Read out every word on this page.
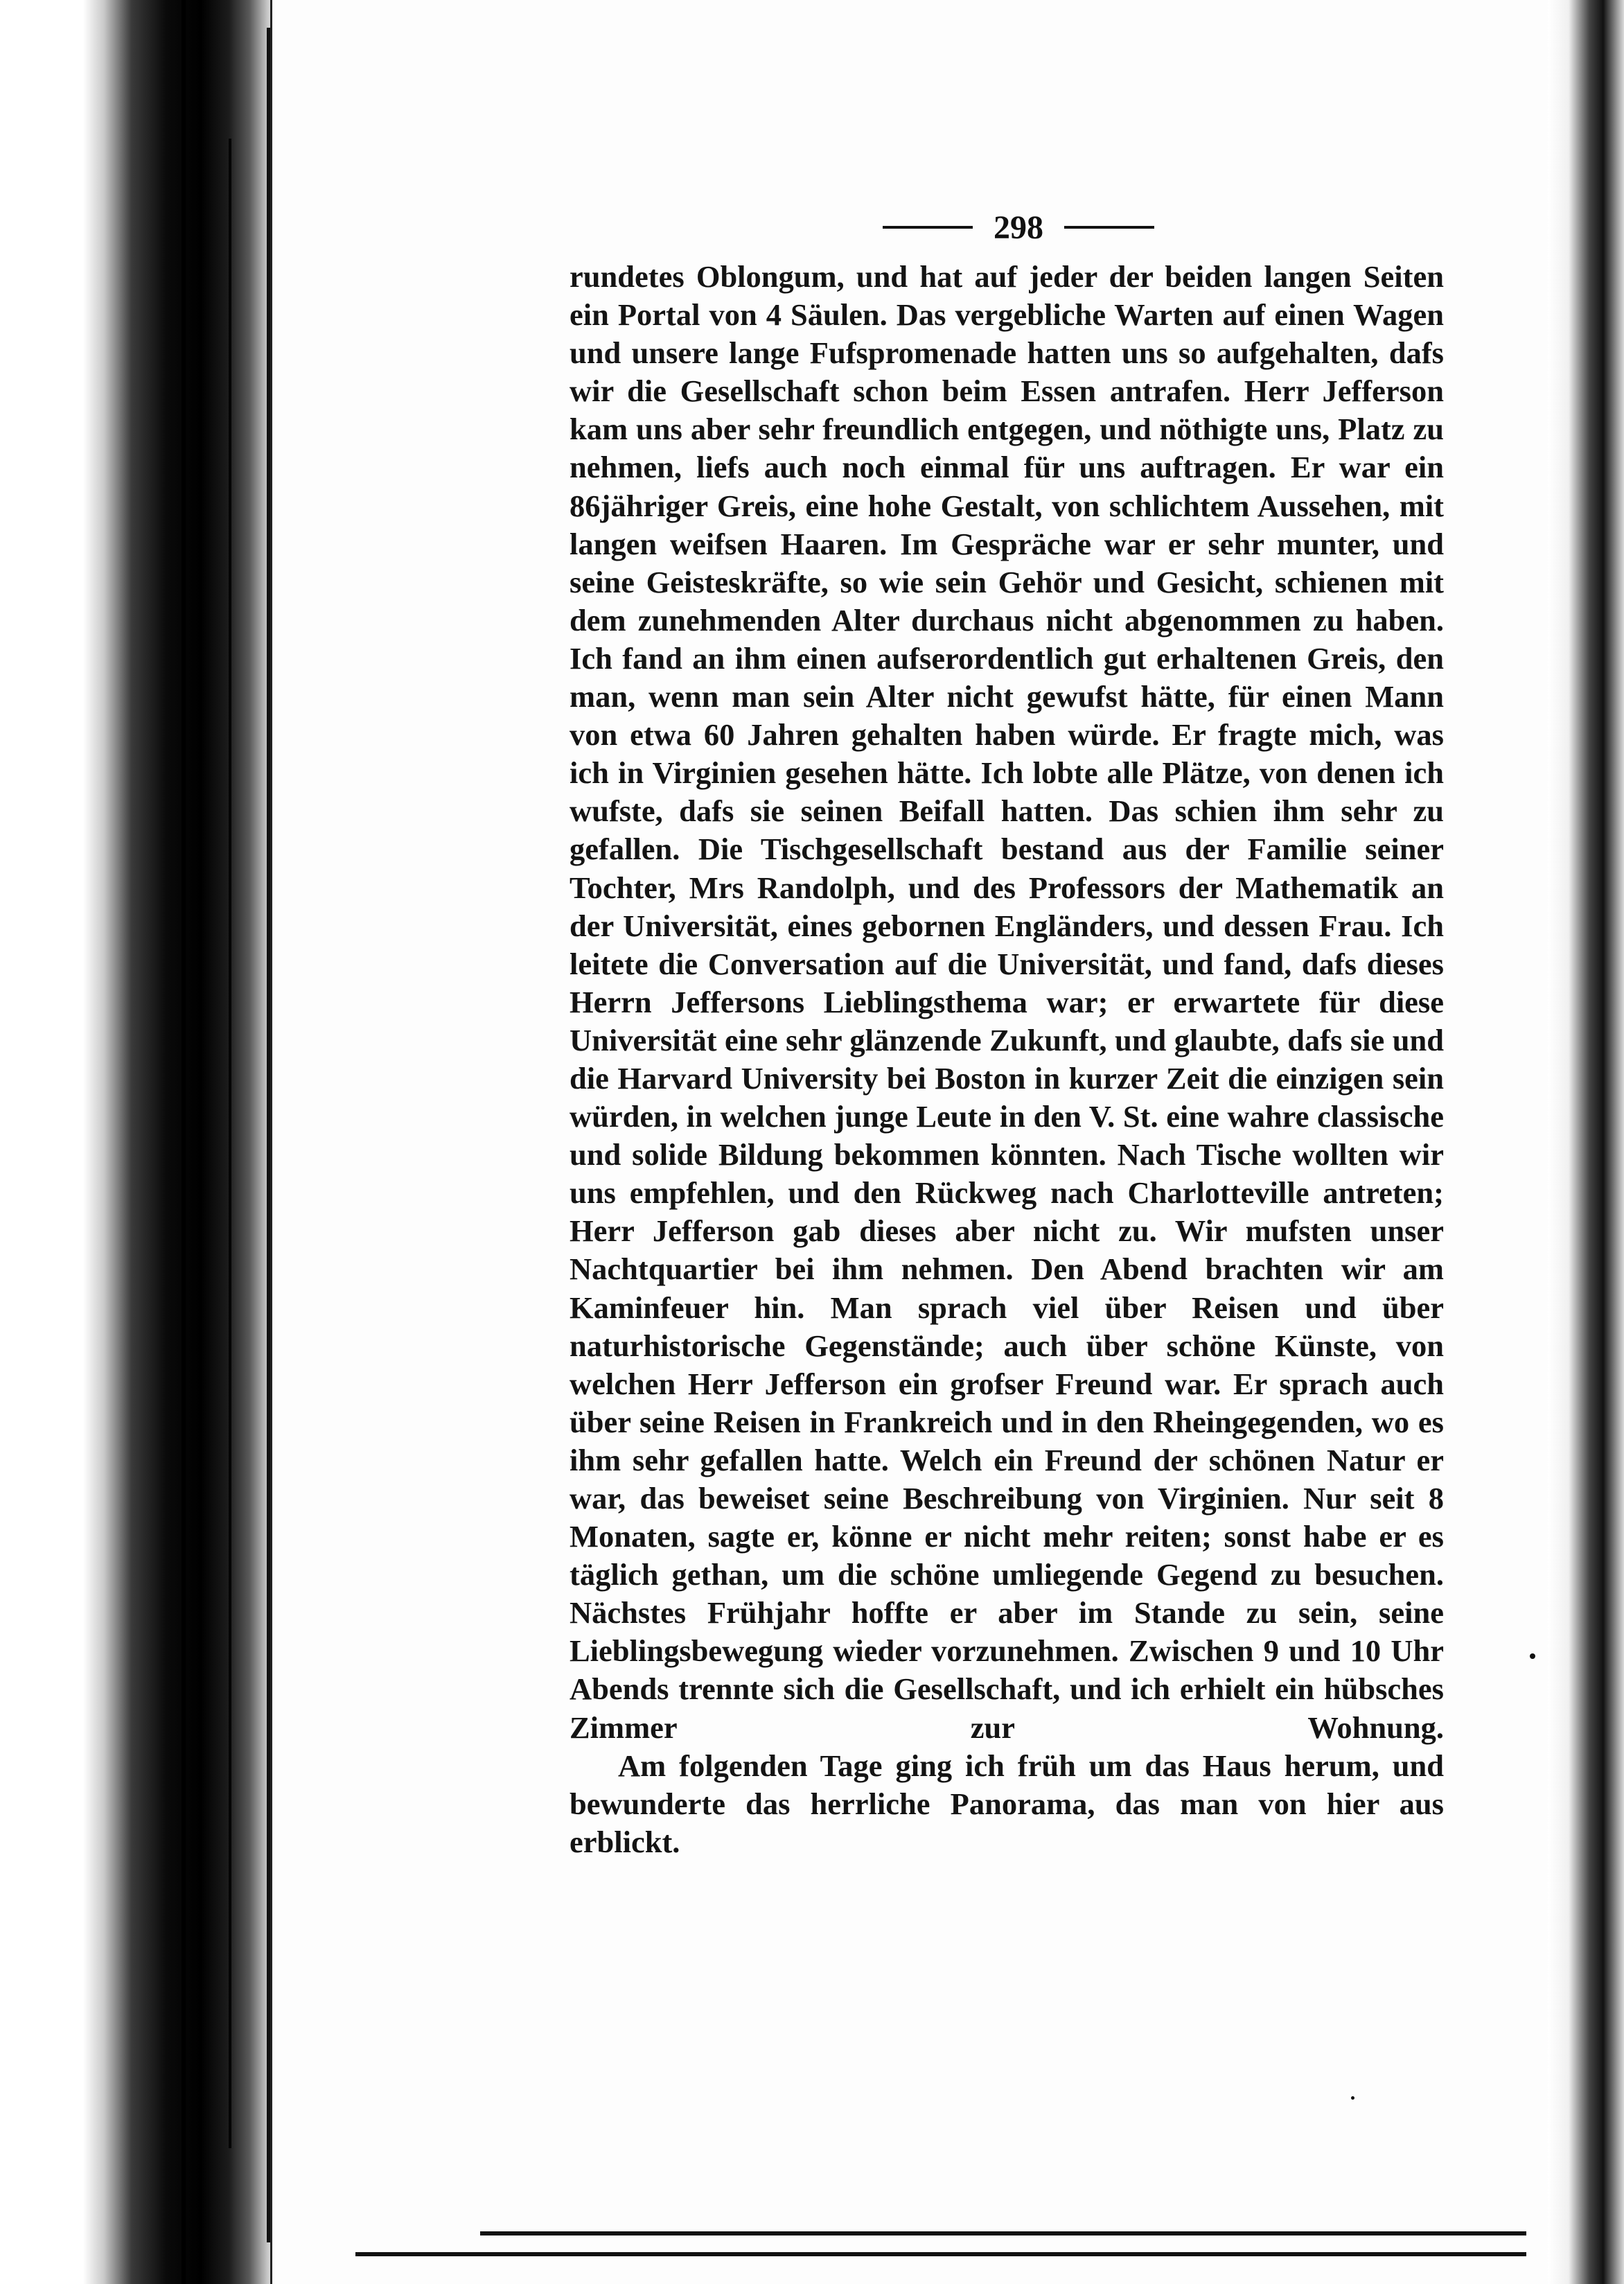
298

rundetes Oblongum, und hat auf jeder der beiden langen Seiten ein Portal von 4 Säulen. Das vergebliche Warten auf einen Wagen und unsere lange Fufspromenade hatten uns so aufgehalten, dafs wir die Gesellschaft schon beim Essen antrafen. Herr Jefferson kam uns aber sehr freundlich entgegen, und nöthigte uns, Platz zu nehmen, liefs auch noch einmal für uns auftragen. Er war ein 86jähriger Greis, eine hohe Gestalt, von schlichtem Aussehen, mit langen weifsen Haaren. Im Gespräche war er sehr munter, und seine Geisteskräfte, so wie sein Gehör und Gesicht, schienen mit dem zunehmenden Alter durchaus nicht abgenommen zu haben. Ich fand an ihm einen aufserordentlich gut erhaltenen Greis, den man, wenn man sein Alter nicht gewufst hätte, für einen Mann von etwa 60 Jahren gehalten haben würde. Er fragte mich, was ich in Virginien gesehen hätte. Ich lobte alle Plätze, von denen ich wufste, dafs sie seinen Beifall hatten. Das schien ihm sehr zu gefallen. Die Tischgesellschaft bestand aus der Familie seiner Tochter, Mrs Randolph, und des Professors der Mathematik an der Universität, eines gebornen Engländers, und dessen Frau. Ich leitete die Conversation auf die Universität, und fand, dafs dieses Herrn Jeffersons Lieblingsthema war; er erwartete für diese Universität eine sehr glänzende Zukunft, und glaubte, dafs sie und die Harvard University bei Boston in kurzer Zeit die einzigen sein würden, in welchen junge Leute in den V. St. eine wahre classische und solide Bildung bekommen könnten. Nach Tische wollten wir uns empfehlen, und den Rückweg nach Charlotteville antreten; Herr Jefferson gab dieses aber nicht zu. Wir mufsten unser Nachtquartier bei ihm nehmen. Den Abend brachten wir am Kaminfeuer hin. Man sprach viel über Reisen und über naturhistorische Gegenstände; auch über schöne Künste, von welchen Herr Jefferson ein grofser Freund war. Er sprach auch über seine Reisen in Frankreich und in den Rheingegenden, wo es ihm sehr gefallen hatte. Welch ein Freund der schönen Natur er war, das beweiset seine Beschreibung von Virginien. Nur seit 8 Monaten, sagte er, könne er nicht mehr reiten; sonst habe er es täglich gethan, um die schöne umliegende Gegend zu besuchen. Nächstes Frühjahr hoffte er aber im Stande zu sein, seine Lieblingsbewegung wieder vorzunehmen. Zwischen 9 und 10 Uhr Abends trennte sich die Gesellschaft, und ich erhielt ein hübsches Zimmer zur Wohnung.

Am folgenden Tage ging ich früh um das Haus herum, und bewunderte das herrliche Panorama, das man von hier aus erblickt.
